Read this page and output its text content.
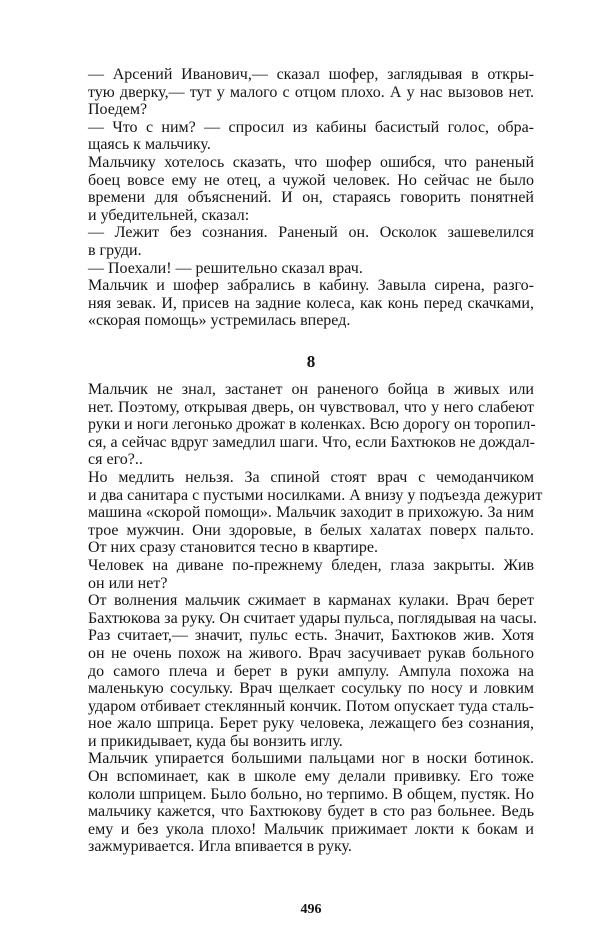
— Арсений Иванович,— сказал шофер, заглядывая в откры-
тую дверку,— тут у малого с отцом плохо. А у нас вызовов нет.
Поедем?
— Что с ним? — спросил из кабины басистый голос, обра-
щаясь к мальчику.
Мальчику хотелось сказать, что шофер ошибся, что раненый
боец вовсе ему не отец, а чужой человек. Но сейчас не было
времени для объяснений. И он, стараясь говорить понятней
и убедительней, сказал:
— Лежит без сознания. Раненый он. Осколок зашевелился
в груди.
— Поехали! — решительно сказал врач.
Мальчик и шофер забрались в кабину. Завыла сирена, разго-
няя зевак. И, присев на задние колеса, как конь перед скачками,
«скорая помощь» устремилась вперед.
8
Мальчик не знал, застанет он раненого бойца в живых или
нет. Поэтому, открывая дверь, он чувствовал, что у него слабеют
руки и ноги легонько дрожат в коленках. Всю дорогу он торопил-
ся, а сейчас вдруг замедлил шаги. Что, если Бахтюков не дождал-
ся его?..
Но медлить нельзя. За спиной стоят врач с чемоданчиком
и два санитара с пустыми носилками. А внизу у подъезда дежурит
машина «скорой помощи». Мальчик заходит в прихожую. За ним
трое мужчин. Они здоровые, в белых халатах поверх пальто.
От них сразу становится тесно в квартире.
Человек на диване по-прежнему бледен, глаза закрыты. Жив
он или нет?
От волнения мальчик сжимает в карманах кулаки. Врач берет
Бахтюкова за руку. Он считает удары пульса, поглядывая на часы.
Раз считает,— значит, пульс есть. Значит, Бахтюков жив. Хотя
он не очень похож на живого. Врач засучивает рукав больного
до самого плеча и берет в руки ампулу. Ампула похожа на
маленькую сосульку. Врач щелкает сосульку по носу и ловким
ударом отбивает стеклянный кончик. Потом опускает туда сталь-
ное жало шприца. Берет руку человека, лежащего без сознания,
и прикидывает, куда бы вонзить иглу.
Мальчик упирается большими пальцами ног в носки ботинок.
Он вспоминает, как в школе ему делали прививку. Его тоже
кололи шприцем. Было больно, но терпимо. В общем, пустяк. Но
мальчику кажется, что Бахтюкову будет в сто раз больнее. Ведь
ему и без укола плохо! Мальчик прижимает локти к бокам и
зажмуривается. Игла впивается в руку.
496
